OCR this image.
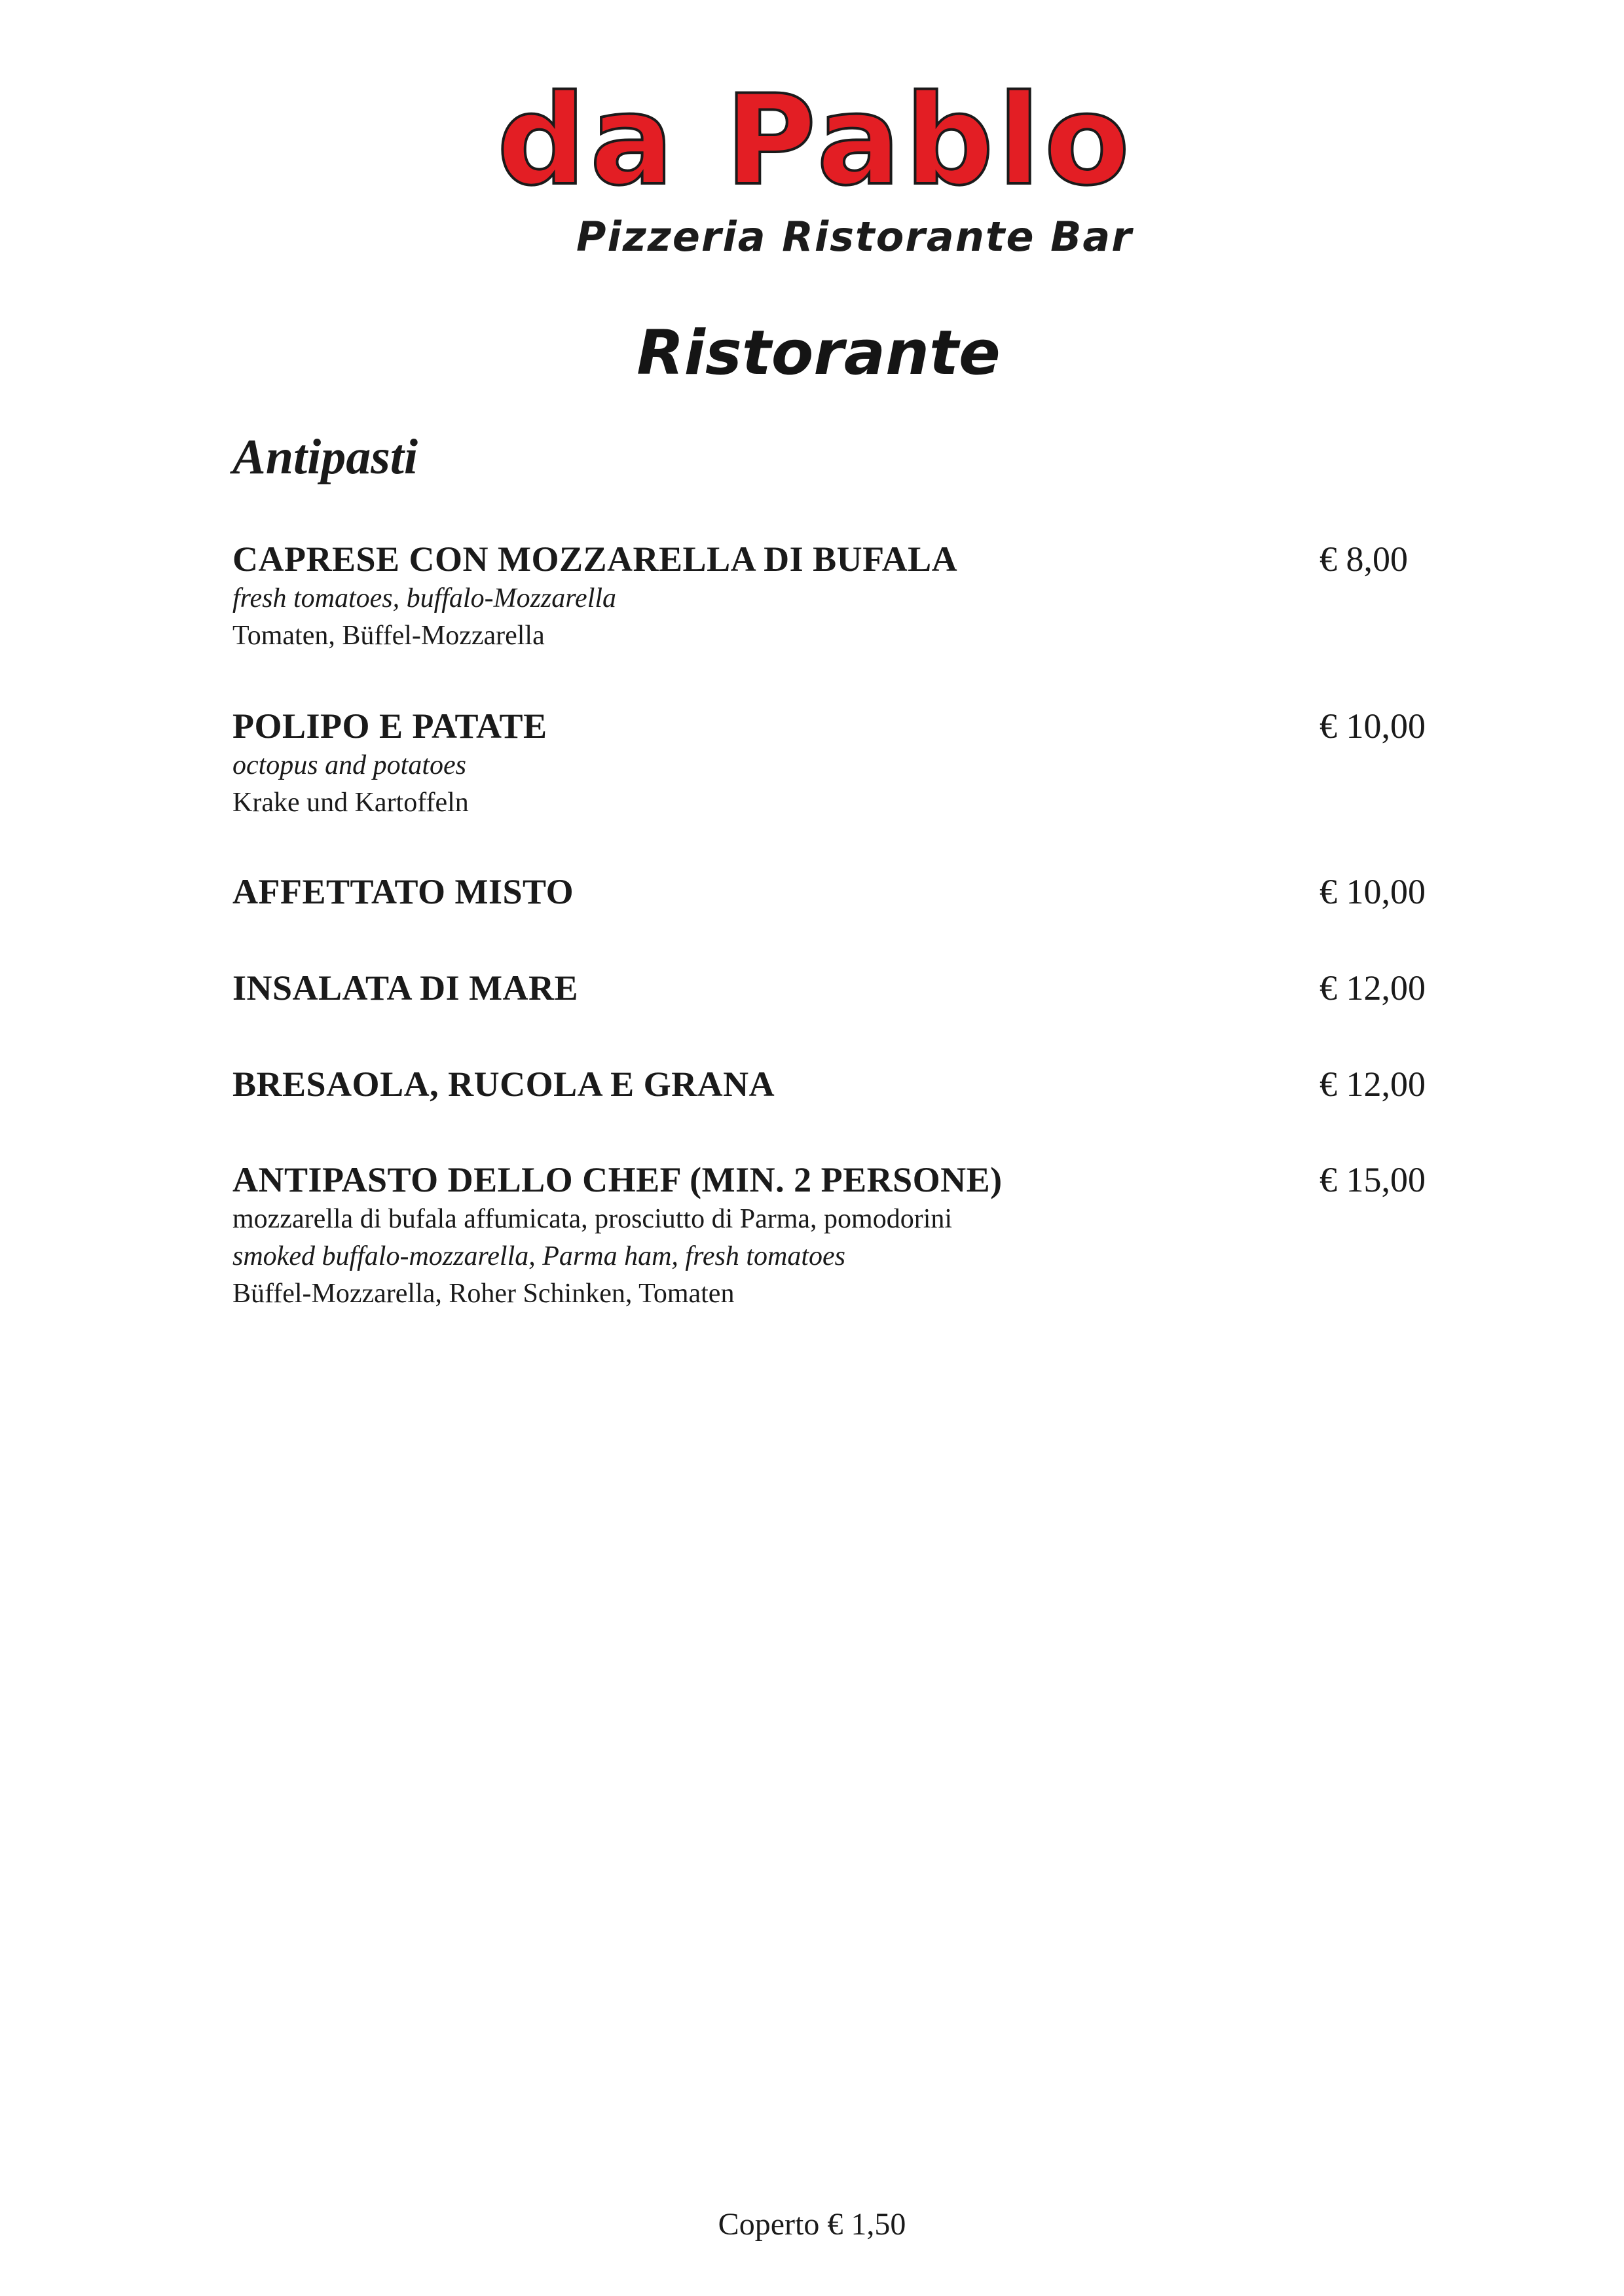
da Pablo
Pizzeria Ristorante Bar
Ristorante
Antipasti
CAPRESE CON MOZZARELLA DI BUFALA	€ 8,00
fresh tomatoes, buffalo-Mozzarella
Tomaten, Büffel-Mozzarella
POLIPO E PATATE	€ 10,00
octopus and potatoes
Krake und Kartoffeln
AFFETTATO MISTO	€ 10,00
INSALATA DI MARE	€ 12,00
BRESAOLA, RUCOLA E GRANA	€ 12,00
ANTIPASTO DELLO CHEF (MIN. 2 PERSONE)	€ 15,00
mozzarella di bufala affumicata, prosciutto di Parma, pomodorini
smoked buffalo-mozzarella, Parma ham, fresh tomatoes
Büffel-Mozzarella, Roher Schinken, Tomaten
Coperto € 1,50
